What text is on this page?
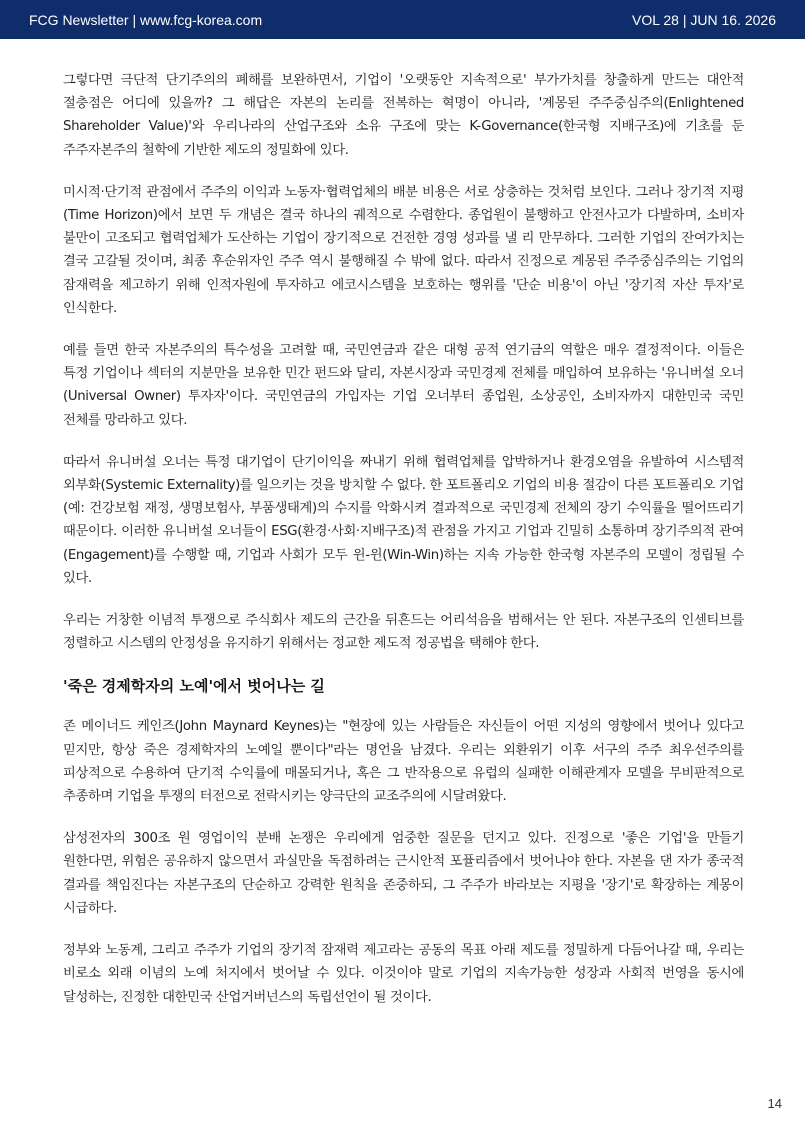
FCG Newsletter | www.fcg-korea.com	VOL 28 | JUN 16. 2026

그렇다면 극단적 단기주의의 폐해를 보완하면서, 기업이 '오랫동안 지속적으로' 부가가치를 창출하게 만드는 대안적 절충점은 어디에 있을까? 그 해답은 자본의 논리를 전복하는 혁명이 아니라, '계몽된 주주중심주의(Enlightened Shareholder Value)'와 우리나라의 산업구조와 소유 구조에 맞는 K-Governance(한국형 지배구조)에 기초를 둔 주주자본주의 철학에 기반한 제도의 정밀화에 있다.

미시적·단기적 관점에서 주주의 이익과 노동자·협력업체의 배분 비용은 서로 상충하는 것처럼 보인다. 그러나 장기적 지평(Time Horizon)에서 보면 두 개념은 결국 하나의 궤적으로 수렴한다. 종업원이 불행하고 안전사고가 다발하며, 소비자 불만이 고조되고 협력업체가 도산하는 기업이 장기적으로 건전한 경영 성과를 낼 리 만무하다. 그러한 기업의 잔여가치는 결국 고갈될 것이며, 최종 후순위자인 주주 역시 불행해질 수 밖에 없다. 따라서 진정으로 계몽된 주주중심주의는 기업의 잠재력을 제고하기 위해 인적자원에 투자하고 에코시스템을 보호하는 행위를 '단순 비용'이 아닌 '장기적 자산 투자'로 인식한다.

예를 들면 한국 자본주의의 특수성을 고려할 때, 국민연금과 같은 대형 공적 연기금의 역할은 매우 결정적이다. 이들은 특정 기업이나 섹터의 지분만을 보유한 민간 펀드와 달리, 자본시장과 국민경제 전체를 매입하여 보유하는 '유니버설 오너(Universal Owner) 투자자'이다. 국민연금의 가입자는 기업 오너부터 종업원, 소상공인, 소비자까지 대한민국 국민 전체를 망라하고 있다.

따라서 유니버설 오너는 특정 대기업이 단기이익을 짜내기 위해 협력업체를 압박하거나 환경오염을 유발하여 시스템적 외부화(Systemic Externality)를 일으키는 것을 방치할 수 없다. 한 포트폴리오 기업의 비용 절감이 다른 포트폴리오 기업(예: 건강보험 재정, 생명보험사, 부품생태계)의 수지를 악화시켜 결과적으로 국민경제 전체의 장기 수익률을 떨어뜨리기 때문이다. 이러한 유니버설 오너들이 ESG(환경·사회·지배구조)적 관점을 가지고 기업과 긴밀히 소통하며 장기주의적 관여(Engagement)를 수행할 때, 기업과 사회가 모두 윈-윈(Win-Win)하는 지속 가능한 한국형 자본주의 모델이 정립될 수 있다.

우리는 거창한 이념적 투쟁으로 주식회사 제도의 근간을 뒤흔드는 어리석음을 범해서는 안 된다. 자본구조의 인센티브를 정렬하고 시스템의 안정성을 유지하기 위해서는 정교한 제도적 정공법을 택해야 한다.

'죽은 경제학자의 노예'에서 벗어나는 길

존 메이너드 케인즈(John Maynard Keynes)는 "현장에 있는 사람들은 자신들이 어떤 지성의 영향에서 벗어나 있다고 믿지만, 항상 죽은 경제학자의 노예일 뿐이다"라는 명언을 남겼다. 우리는 외환위기 이후 서구의 주주 최우선주의를 피상적으로 수용하여 단기적 수익률에 매몰되거나, 혹은 그 반작용으로 유럽의 실패한 이해관계자 모델을 무비판적으로 추종하며 기업을 투쟁의 터전으로 전락시키는 양극단의 교조주의에 시달려왔다.

삼성전자의 300조 원 영업이익 분배 논쟁은 우리에게 엄중한 질문을 던지고 있다. 진정으로 '좋은 기업'을 만들기 원한다면, 위험은 공유하지 않으면서 과실만을 독점하려는 근시안적 포퓰리즘에서 벗어나야 한다. 자본을 댄 자가 종국적 결과를 책임진다는 자본구조의 단순하고 강력한 원칙을 존중하되, 그 주주가 바라보는 지평을 '장기'로 확장하는 계몽이 시급하다.

정부와 노동계, 그리고 주주가 기업의 장기적 잠재력 제고라는 공동의 목표 아래 제도를 정밀하게 다듬어나갈 때, 우리는 비로소 외래 이념의 노예 처지에서 벗어날 수 있다. 이것이야 말로 기업의 지속가능한 성장과 사회적 번영을 동시에 달성하는, 진정한 대한민국 산업거버넌스의 독립선언이 될 것이다.

14
